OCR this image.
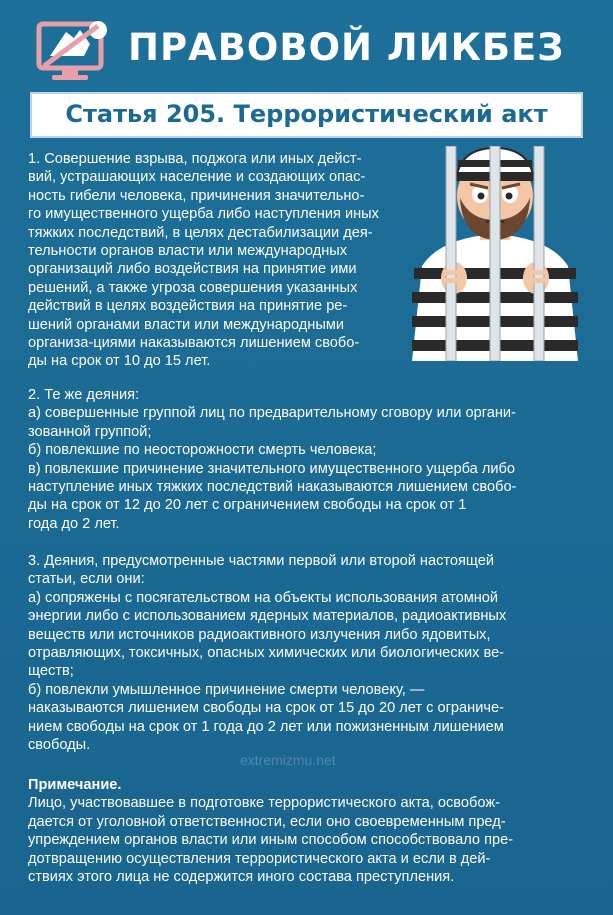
ПРАВОВОЙ ЛИКБЕЗ
Статья 205. Террористический акт
1. Совершение взрыва, поджога или иных дейст-
вий, устрашающих население и создающих опас-
ность гибели человека, причинения значительно-
го имущественного ущерба либо наступления иных
тяжких последствий, в целях дестабилизации дея-
тельности органов власти или международных
организаций либо воздействия на принятие ими
решений, а также угроза совершения указанных
действий в целях воздействия на принятие ре-
шений органами власти или международными
организа-циями наказываются лишением свобо-
ды на срок от 10 до 15 лет.
2. Те же деяния:
а) совершенные группой лиц по предварительному сговору или органи-
зованной группой;
б) повлекшие по неосторожности смерть человека;
в) повлекшие причинение значительного имущественного ущерба либо
наступление иных тяжких последствий наказываются лишением свобо-
ды на срок от 12 до 20 лет с ограничением свободы на срок от 1
года до 2 лет.
3. Деяния, предусмотренные частями первой или второй настоящей
статьи, если они:
а) сопряжены с посягательством на объекты использования атомной
энергии либо с использованием ядерных материалов, радиоактивных
веществ или источников радиоактивного излучения либо ядовитых,
отравляющих, токсичных, опасных химических или биологических ве-
ществ;
б) повлекли умышленное причинение смерти человеку, —
наказываются лишением свободы на срок от 15 до 20 лет с ограниче-
нием свободы на срок от 1 года до 2 лет или пожизненным лишением
свободы.
extremizmu.net
Примечание.
Лицо, участвовавшее в подготовке террористического акта, освобож-
дается от уголовной ответственности, если оно своевременным пред-
упреждением органов власти или иным способом способствовало пре-
дотвращению осуществления террористического акта и если в дей-
ствиях этого лица не содержится иного состава преступления.
